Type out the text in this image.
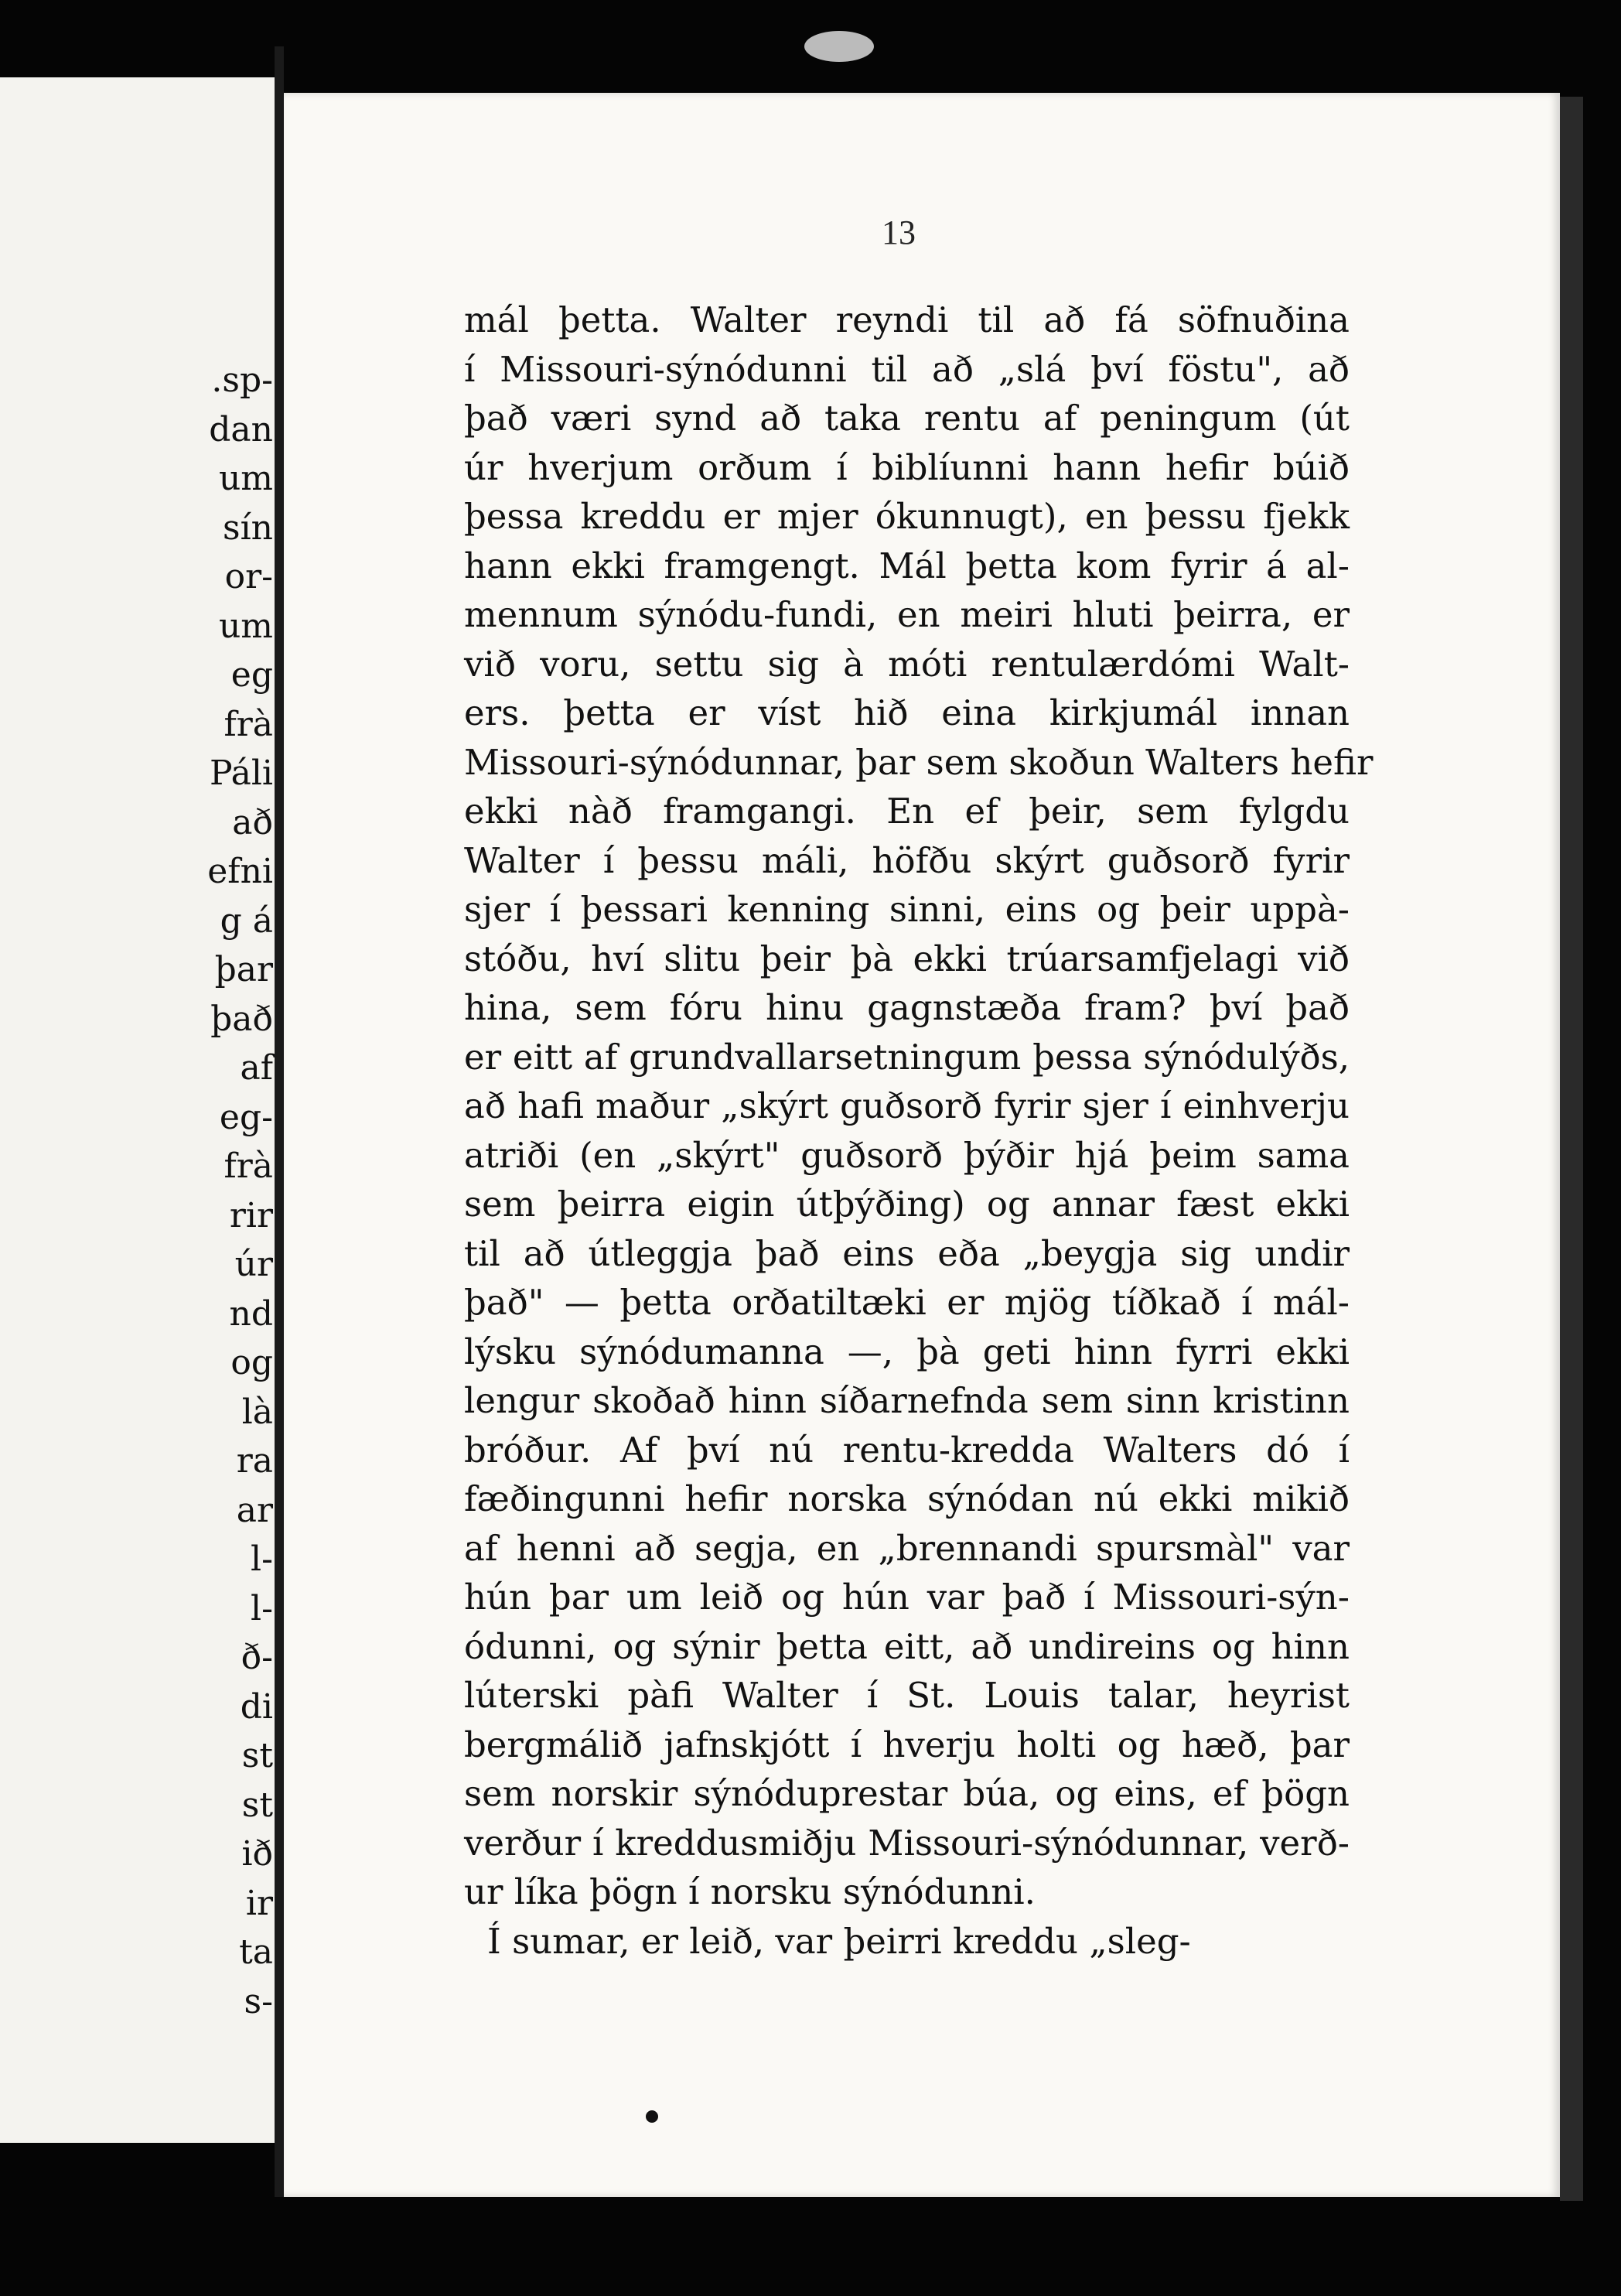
.sp-
dan
um
sín
or-
um
eg
frà
Páli
að
efni
g á
þar
það
af
eg-
frà
rir
úr
nd
og
là
ra
ar
l-
l-
ð-
di
st
st
ið
ir
ta
s-
13
mál þetta. Walter reyndi til að fá söfnuðina
í Missouri-sýnódunni til að „slá því föstu", að
það væri synd að taka rentu af peningum (út
úr hverjum orðum í biblíunni hann hefir búið
þessa kreddu er mjer ókunnugt), en þessu fjekk
hann ekki framgengt. Mál þetta kom fyrir á al-
mennum sýnódu-fundi, en meiri hluti þeirra, er
við voru, settu sig à móti rentulærdómi Walt-
ers. þetta er víst hið eina kirkjumál innan
Missouri-sýnódunnar, þar sem skoðun Walters hefir
ekki nàð framgangi. En ef þeir, sem fylgdu
Walter í þessu máli, höfðu skýrt guðsorð fyrir
sjer í þessari kenning sinni, eins og þeir uppà-
stóðu, hví slitu þeir þà ekki trúarsamfjelagi við
hina, sem fóru hinu gagnstæða fram? því það
er eitt af grundvallarsetningum þessa sýnódulýðs,
að hafi maður „skýrt guðsorð fyrir sjer í einhverju
atriði (en „skýrt" guðsorð þýðir hjá þeim sama
sem þeirra eigin útþýðing) og annar fæst ekki
til að útleggja það eins eða „beygja sig undir
það" — þetta orðatiltæki er mjög tíðkað í mál-
lýsku sýnódumanna —, þà geti hinn fyrri ekki
lengur skoðað hinn síðarnefnda sem sinn kristinn
bróður. Af því nú rentu-kredda Walters dó í
fæðingunni hefir norska sýnódan nú ekki mikið
af henni að segja, en „brennandi spursmàl" var
hún þar um leið og hún var það í Missouri-sýn-
ódunni, og sýnir þetta eitt, að undireins og hinn
lúterski pàfi Walter í St. Louis talar, heyrist
bergmálið jafnskjótt í hverju holti og hæð, þar
sem norskir sýnóduprestar búa, og eins, ef þögn
verður í kreddusmiðju Missouri-sýnódunnar, verð-
ur líka þögn í norsku sýnódunni.
Í sumar, er leið, var þeirri kreddu „sleg-
